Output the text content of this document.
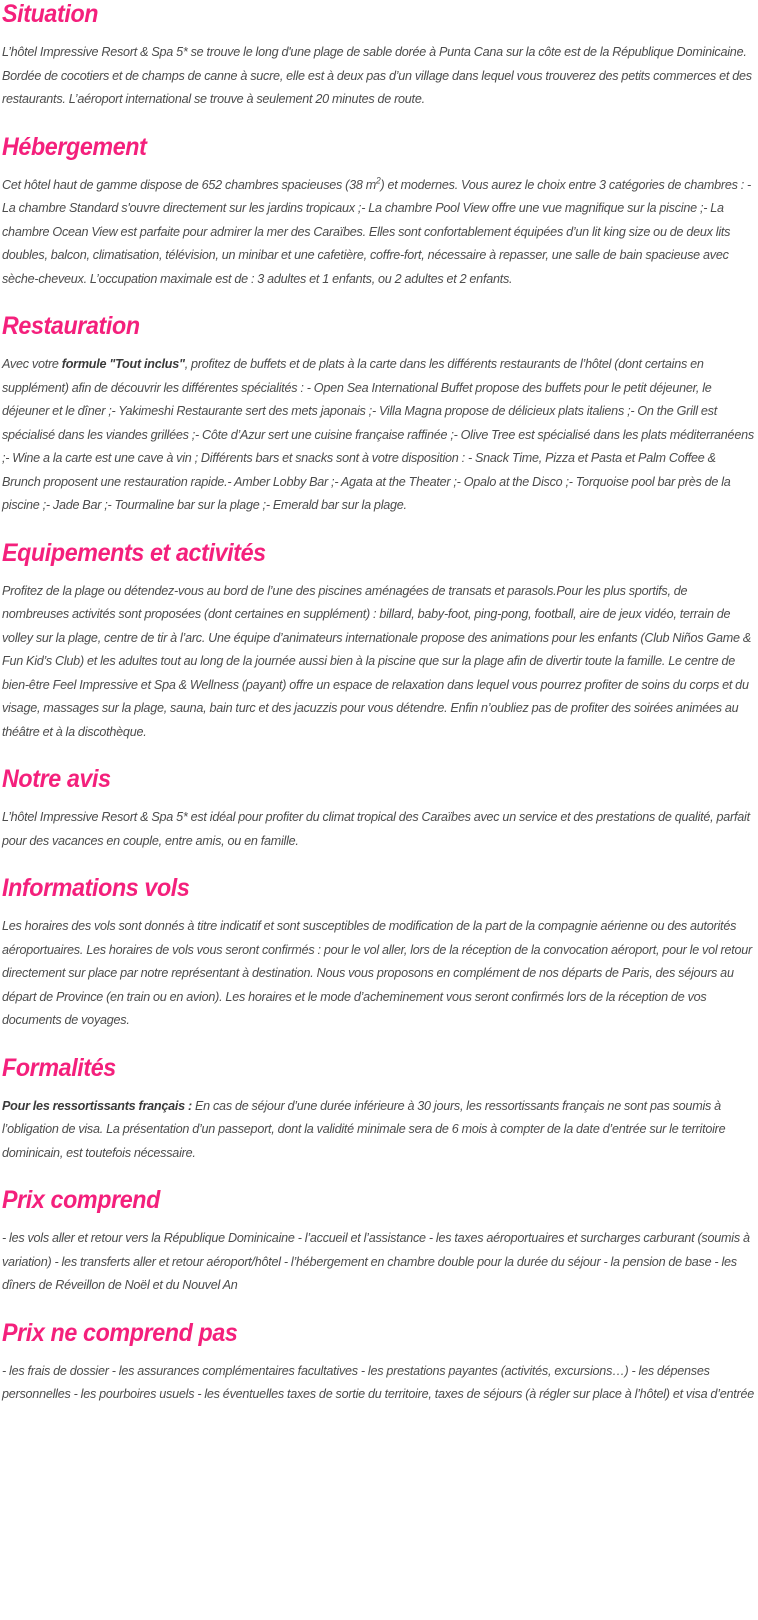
Situation

L’hôtel Impressive Resort & Spa 5* se trouve le long d'une plage de sable dorée à Punta Cana sur la côte est de la République Dominicaine. Bordée de cocotiers et de champs de canne à sucre, elle est à deux pas d’un village dans lequel vous trouverez des petits commerces et des restaurants. L’aéroport international se trouve à seulement 20 minutes de route.

Hébergement

Cet hôtel haut de gamme dispose de 652 chambres spacieuses (38 $m^2$) et modernes. Vous aurez le choix entre 3 catégories de chambres : - La chambre Standard s'ouvre directement sur les jardins tropicaux ;- La chambre Pool View offre une vue magnifique sur la piscine ;- La chambre Ocean View est parfaite pour admirer la mer des Caraïbes. Elles sont confortablement équipées d’un lit king size ou de deux lits doubles, balcon, climatisation, télévision, un minibar et une cafetière, coffre-fort, nécessaire à repasser, une salle de bain spacieuse avec sèche-cheveux. L’occupation maximale est de : 3 adultes et 1 enfants, ou 2 adultes et 2 enfants.

Restauration

Avec votre formule "Tout inclus", profitez de buffets et de plats à la carte dans les différents restaurants de l’hôtel (dont certains en supplément) afin de découvrir les différentes spécialités : - Open Sea International Buffet propose des buffets pour le petit déjeuner, le déjeuner et le dîner ;- Yakimeshi Restaurante sert des mets japonais ;- Villa Magna propose de délicieux plats italiens ;- On the Grill est spécialisé dans les viandes grillées ;- Côte d’Azur sert une cuisine française raffinée ;- Olive Tree est spécialisé dans les plats méditerranéens ;- Wine a la carte est une cave à vin ; Différents bars et snacks sont à votre disposition : - Snack Time, Pizza et Pasta et Palm Coffee & Brunch proposent une restauration rapide.- Amber Lobby Bar ;- Agata at the Theater ;- Opalo at the Disco ;- Torquoise pool bar près de la piscine ;- Jade Bar ;- Tourmaline bar sur la plage ;- Emerald bar sur la plage.

Equipements et activités

Profitez de la plage ou détendez-vous au bord de l’une des piscines aménagées de transats et parasols.Pour les plus sportifs, de nombreuses activités sont proposées (dont certaines en supplément) : billard, baby-foot, ping-pong, football, aire de jeux vidéo, terrain de volley sur la plage, centre de tir à l’arc. Une équipe d’animateurs internationale propose des animations pour les enfants (Club Niños Game & Fun Kid’s Club) et les adultes tout au long de la journée aussi bien à la piscine que sur la plage afin de divertir toute la famille. Le centre de bien-être Feel Impressive et Spa & Wellness (payant) offre un espace de relaxation dans lequel vous pourrez profiter de soins du corps et du visage, massages sur la plage, sauna, bain turc et des jacuzzis pour vous détendre. Enfin n’oubliez pas de profiter des soirées animées au théâtre et à la discothèque.

Notre avis

L’hôtel Impressive Resort & Spa 5* est idéal pour profiter du climat tropical des Caraïbes avec un service et des prestations de qualité, parfait pour des vacances en couple, entre amis, ou en famille.

Informations vols

Les horaires des vols sont donnés à titre indicatif et sont susceptibles de modification de la part de la compagnie aérienne ou des autorités aéroportuaires. Les horaires de vols vous seront confirmés : pour le vol aller, lors de la réception de la convocation aéroport, pour le vol retour directement sur place par notre représentant à destination. Nous vous proposons en complément de nos départs de Paris, des séjours au départ de Province (en train ou en avion). Les horaires et le mode d’acheminement vous seront confirmés lors de la réception de vos documents de voyages.

Formalités

Pour les ressortissants français : En cas de séjour d’une durée inférieure à 30 jours, les ressortissants français ne sont pas soumis à l’obligation de visa. La présentation d’un passeport, dont la validité minimale sera de 6 mois à compter de la date d’entrée sur le territoire dominicain, est toutefois nécessaire.

Prix comprend

- les vols aller et retour vers la République Dominicaine - l’accueil et l’assistance - les taxes aéroportuaires et surcharges carburant (soumis à variation) - les transferts aller et retour aéroport/hôtel - l’hébergement en chambre double pour la durée du séjour - la pension de base - les dîners de Réveillon de Noël et du Nouvel An

Prix ne comprend pas

- les frais de dossier - les assurances complémentaires facultatives - les prestations payantes (activités, excursions…) - les dépenses personnelles - les pourboires usuels - les éventuelles taxes de sortie du territoire, taxes de séjours (à régler sur place à l’hôtel) et visa d’entrée
